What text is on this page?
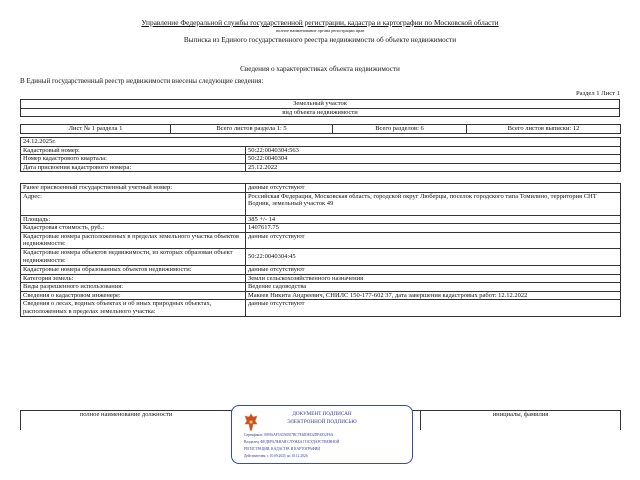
Управление Федеральной службы государственной регистрации, кадастра и картографии по Московской области
полное наименование органа регистрации прав
Выписка из Единого государственного реестра недвижимости об объекте недвижимости
Сведения о характеристиках объекта недвижимости
В Единый государственный реестр недвижимости внесены следующие сведения:
Раздел 1 Лист 1
Земельный участок
вид объекта недвижимости
Лист № 1 раздела 1	Всего листов раздела 1: 5	Всего разделов: 6	Всего листов выписки: 12
24.12.2025г.	
Кадастровый номер:	50:22:0040304:563
Номер кадастрового квартала:	50:22:0040304
Дата присвоения кадастрового номера:	25.12.2022
Ранее присвоенный государственный учетный номер:	данные отсутствуют
Адрес:	Российская Федерация, Московская область, городской округ Люберцы, поселок городского типа Томилино, территория СНТ Водник, земельный участок 49
Площадь:	385 +/- 14
Кадастровая стоимость, руб.:	1407617.75
Кадастровые номера расположенных в пределах земельного участка объектов недвижимости:	данные отсутствуют
Кадастровые номера объектов недвижимости, из которых образован объект недвижимости:	50:22:0040304:45
Кадастровые номера образованных объектов недвижимости:	данные отсутствуют
Категория земель:	Земли сельскохозяйственного назначения
Виды разрешенного использования:	Ведение садоводства
Сведения о кадастровом инженере:	Макеев Никита Андреевич, СНИЛС 150-177-602 37, дата завершения кадастровых работ: 12.12.2022
Сведения о лесах, водных объектах и об иных природных объектах, расположенных в пределах земельного участка:	данные отсутствуют
полное наименование должности		инициалы, фамилия
ДОКУМЕНТ ПОДПИСАН
ЭЛЕКТРОННОЙ ПОДПИСЬЮ
Сертификат: 00916AF5A594507BC7E6D3ED2DFA852F6A
Владелец: ФЕДЕРАЛЬНАЯ СЛУЖБА ГОСУДАРСТВЕННОЙ
РЕГИСТРАЦИИ, КАДАСТРА И КАРТОГРАФИИ
Действителен: с 10.09.2025 по 10.12.2026
